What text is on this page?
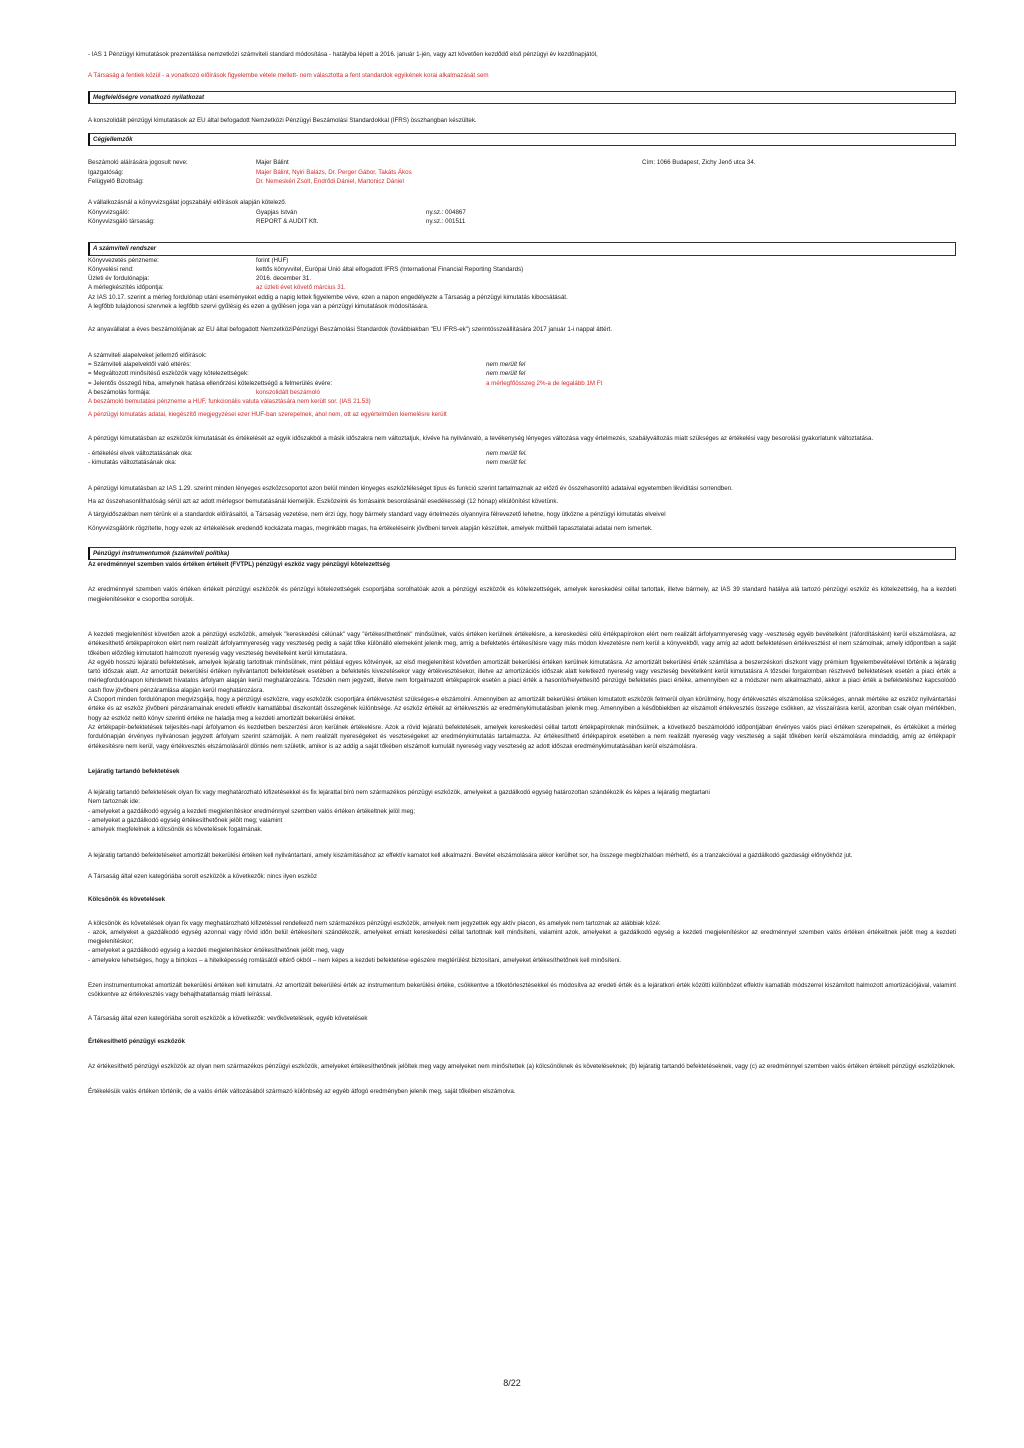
- IAS 1 Pénzügyi kimutatások prezentálása nemzetközi számviteli standard módosítása - hatályba lépett a 2016. január 1-jén, vagy azt követően kezdődő első pénzügyi év kezdőnapjától,

A Társaság a fentiek közül - a vonatkozó előírások figyelembe vétele mellett- nem választotta a fent standardok egyikének korai alkalmazását sem

Megfelelőségre vonatkozó nyilatkozat

A konszolidált pénzügyi kimutatások az EU által befogadott Nemzetközi Pénzügyi Beszámolási Standardokkal (IFRS) összhangban készültek.

Cégjellemzők
Beszámoló aláírására jogosult neve:	Majer Bálint	Cím: 1066 Budapest, Zichy Jenő utca 34.
Igazgatóság:	Majer Bálint, Nyiri Balázs, Dr. Perger Gábor, Takáts Ákos
Felügyelő Bizottság:	Dr. Nemeskéri Zsolt, Endrődi Dániel, Martonicz Dániel

A vállalkozásnál a könyvvizsgálat jogszabályi előírások alapján kötelező.

Könyvvizsgáló:	Gyapjas István	ny.sz.: 004867
Könyvvizsgáló társaság:	REPORT & AUDIT Kft.	ny.sz.: 001511
A számviteli rendszer
Könyvvezetés pénzneme:	forint (HUF)
Könyvelési rend:	kettős könyvvitel, Európai Unió által elfogadott IFRS (International Financial Reporting Standards)
Üzleti év fordulónapja:	2016. december 31.
A mérlegkészítés időpontja:	az üzleti évet követő március 31.

Az IAS 10.17. szerint a mérleg fordulónap utáni eseményeket eddig a napig lettek figyelembe véve, ezen a napon engedélyezte a Társaság a pénzügyi kimutatás kibocsátását.

A legfőbb tulajdonosi szervnek a legfőbb szervi gyűlésig és ezen a gyűlésen joga van a pénzügyi kimutatások módosítására.

Az anyavállalat a éves beszámolójának az EU által befogadott NemzetköziPénzügyi Beszámolási Standardok (továbbiakban "EU IFRS-ek") szerintösszeállítására 2017 január 1-i nappal áttért.

A számviteli alapelveket jellemző előírások:

= Számviteli alapelvektől való eltérés:	nem merült fel
= Megváltozott minősítésű eszközök vagy kötelezettségek:	nem merült fel
= Jelentős összegű hiba, amelynek hatása ellenőrzési kötelezettségű a felmerülés évére:	a mérlegfőösszeg 2%-a de legalább 1M Ft
A beszámolás formája:	konszolidált beszámoló

A beszámoló bemutatási pénzneme a HUF, funkcionális valuta választására nem került sor. (IAS 21.53)

A pénzügyi kimutatás adatai, kiegészítő megjegyzései ezer HUF-ban szerepelnek, ahol nem, ott az egyértelműen kiemelésre került

A pénzügyi kimutatásban az eszközök kimutatását és értékelését az egyik időszakból a másik időszakra nem változtatjuk, kivéve ha nyilvánvaló, a tevékenység lényeges változása vagy értelmezés, szabályváltozás miatt szükséges az értékelési vagy besorolási gyakorlatunk változtatása.

- értékelési elvek változtatásának oka:	nem merült fel.
- kimutatás változtatásának oka:	nem merült fel.

A pénzügyi kimutatásban az IAS 1.29. szerint minden lényeges eszközcsoportot azon belül minden lényeges eszközféleséget típus és funkció szerint tartalmaznak az előző év összehasonlító adataival egyetemben likviditási sorrendben.

Ha az összehasonlíthatóság sérül azt az adott mérlegsor bemutatásánál kiemeljük. Eszközeink és forrásaink besorolásánál esedékességi (12 hónap) elkülönítést követünk.

A tárgyidőszakban nem térünk el a standardok előírásaitól, a Társaság vezetése, nem érzi úgy, hogy bármely standard vagy értelmezés olyannyira félrevezető lehetne, hogy ütközne a pénzügyi kimutatás elveivel

Könyvvizsgálónk rögzítette, hogy ezek az értékelések eredendő kockázata magas, meginkább magas, ha értékeléseink jövőbeni tervek alapján készültek, amelyek múltbéli tapasztalatai adatai nem ismertek.

Pénzügyi instrumentumok (számviteli politika)

Az eredménnyel szemben valós értéken értékelt (FVTPL) pénzügyi eszköz vagy pénzügyi kötelezettség

Az eredménnyel szemben valós értéken értékelt pénzügyi eszközök és pénzügyi kötelezettségek csoportjába sorolhatóak azok a pénzügyi eszközök és kötelezettségek, amelyek kereskedési céllal tartottak, illetve bármely, az IAS 39 standard hatálya alá tartozó pénzügyi eszköz és kötelezettség, ha a kezdeti megjelenítésekor e csoportba soroljuk.

A kezdeti megjelenítést követően azok a pénzügyi eszközök, amelyek "kereskedési célúnak" vagy "értékesíthetőnek" minősülnek, valós értéken kerülnek értékelésre, a kereskedési célú értékpapírokon elért nem realizált árfolyamnyereség vagy -veszteség egyéb bevételként (ráfordításként) kerül elszámolásra, az értékesíthető értékpapírokon elért nem realizált árfolyamnyereség vagy veszteség pedig a saját tőke különálló elemeként jelenik meg, amíg a befektetés értékesítésre vagy más módon kivezetésre nem kerül a könyvekből, vagy amíg az adott befektetésen értékvesztést el nem számolnak, amely időpontban a saját tőkében előzőleg kimutatott halmozott nyereség vagy veszteség bevételként kerül kimutatásra.

Az egyéb hosszú lejáratú befektetések, amelyek lejáratig tartottnak minősülnek, mint például egyes kötvények, az első megjelenítést követően amortizált bekerülési értéken kerülnek kimutatásra. Az amortizált bekerülési érték számítása a beszerzéskori diszkont vagy prémium figyelembevételével történik a lejáratig tartó időszak alatt. Az amortizált bekerülési értéken nyilvántartott befektetések esetében a befektetés kivezetésekor vagy értékvesztésekor, illetve az amortizációs időszak alatt keletkező nyereség vagy veszteség bevételként kerül kimutatásra A tőzsdei forgalomban résztvevő befektetések esetén a piaci érték a mérlegfordulónapon kihirdetett hivatalos árfolyam alapján kerül meghatározásra. Tőzsdén nem jegyzett, illetve nem forgalmazott értékpapírok esetén a piaci érték a hasonló/helyettesítő pénzügyi befektetés piaci értéke, amennyiben ez a módszer nem alkalmazható, akkor a piaci érték a befektetéshez kapcsolódó cash flow jövőbeni pénzáramlása alapján kerül meghatározásra.

A Csoport minden fordulónapon megvizsgálja, hogy a pénzügyi eszközre, vagy eszközök csoportjára értékvesztést szükséges-e elszámolni. Amennyiben az amortizált bekerülési értéken kimutatott eszközök felmerül olyan körülmény, hogy értékvesztés elszámolása szükséges, annak mértéke az eszköz nyilvántartási értéke és az eszköz jövőbeni pénzáramainak eredeti effektív kamatlábbal diszkontált összegének különbsége. Az eszköz értékét az értékvesztés az eredménykimutatásban jelenik meg. Amennyiben a későbbiekben az elszámolt értékvesztés összege csökken, az visszaírásra kerül, azonban csak olyan mértékben, hogy az eszköz nettó könyv szerinti értéke ne haladja meg a kezdeti amortizált bekerülési értéket.

Az értékpapír-befektetések teljesítés-napi árfolyamon és kezdetben beszerzési áron kerülnek értékelésre. Azok a rövid lejáratú befektetések, amelyek kereskedési céllal tartott értékpapíroknak minősülnek, a következő beszámolódó időpontjában érvényes valós piaci értéken szerepelnek, és értéküket a mérleg fordulónapján érvényes nyilvánosan jegyzett árfolyam szerint számolják. A nem realizált nyereségeket és veszteségeket az eredménykimutatás tartalmazza. Az értékesíthető értékpapírok esetében a nem realizált nyereség vagy veszteség a saját tőkében kerül elszámolásra mindaddig, amíg az értékpapír értékesítésre nem kerül, vagy értékvesztés elszámolásáról döntés nem születik, amikor is az addig a saját tőkében elszámolt kumulált nyereség vagy veszteség az adott időszak eredménykimutatásában kerül elszámolásra.

Lejáratig tartandó befektetések

A lejáratig tartandó befektetések olyan fix vagy meghatározható kifizetésekkel és fix lejárattal bíró nem származékos pénzügyi eszközök, amelyeket a gazdálkodó egység határozottan szándékozik és képes a lejáratig megtartani

Nem tartoznak ide:

- amelyeket a gazdálkodó egység a kezdeti megjelenítéskor eredménnyel szemben valós értéken értékeltnek jelöl meg;

- amelyeket a gazdálkodó egység értékesíthetőnek jelölt meg; valamint

- amelyek megfelelnek a kölcsönök és követelések fogalmának.

A lejáratig tartandó befektetéseket amortizált bekerülési értéken kell nyilvántartani, amely kiszámításához az effektív kamatot kell alkalmazni. Bevétel elszámolására akkor kerülhet sor, ha összege megbízhatóan mérhető, és a tranzakcióval a gazdálkodó gazdasági előnyökhöz jut.

A Társaság által ezen kategóriába sorolt eszközök a következők: nincs ilyen eszköz

Kölcsönök és követelések

A kölcsönök és követelések olyan fix vagy meghatározható kifizetéssel rendelkező nem származékos pénzügyi eszközök, amelyek nem jegyzettek egy aktív piacon, és amelyek nem tartoznak az alábbiak közé:

- azok, amelyeket a gazdálkodó egység azonnal vagy rövid időn belül értékesíteni szándékozik, amelyeket emiatt kereskedési céllal tartottnak kell minősíteni, valamint azok, amelyeket a gazdálkodó egység a kezdeti megjelenítéskor az eredménnyel szemben valós értéken értékeltnek jelölt meg a kezdeti megjelenítéskor;

- amelyeket a gazdálkodó egység a kezdeti megjelenítéskor értékesíthetőnek jelölt meg, vagy

- amelyekre lehetséges, hogy a birtokos – a hitelképesség romlásától eltérő okból – nem képes a kezdeti befektetése egészére megtérülést biztosítani, amelyeket értékesíthetőnek kell minősíteni.

Ezen instrumentumokat amortizált bekerülési értéken kell kimutatni. Az amortizált bekerülési érték az instrumentum bekerülési értéke, csökkentve a tőketörlesztésekkel és módosítva az eredeti érték és a lejáratkori érték közötti különbözet effektív kamatláb módszerrel kiszámított halmozott amortizációjával, valamint csökkentve az értékvesztés vagy behajthatatlanság miatti leírással.

A Társaság által ezen kategóriába sorolt eszközök a következők: vevőkövetelések, egyéb követelések

Értékesíthető pénzügyi eszközök

Az értékesíthető pénzügyi eszközök az olyan nem származékos pénzügyi eszközök, amelyeket értékesíthetőnek jelöltek meg vagy amelyeket nem minősítettek (a) kölcsönöknek és követeléseknek; (b) lejáratig tartandó befektetéseknek, vagy (c) az eredménnyel szemben valós értéken értékelt pénzügyi eszközöknek.

Értékelésük valós értéken történik, de a valós érték változásából származó különbség az egyéb átfogó eredményben jelenik meg, saját tőkében elszámolva.

8/22
